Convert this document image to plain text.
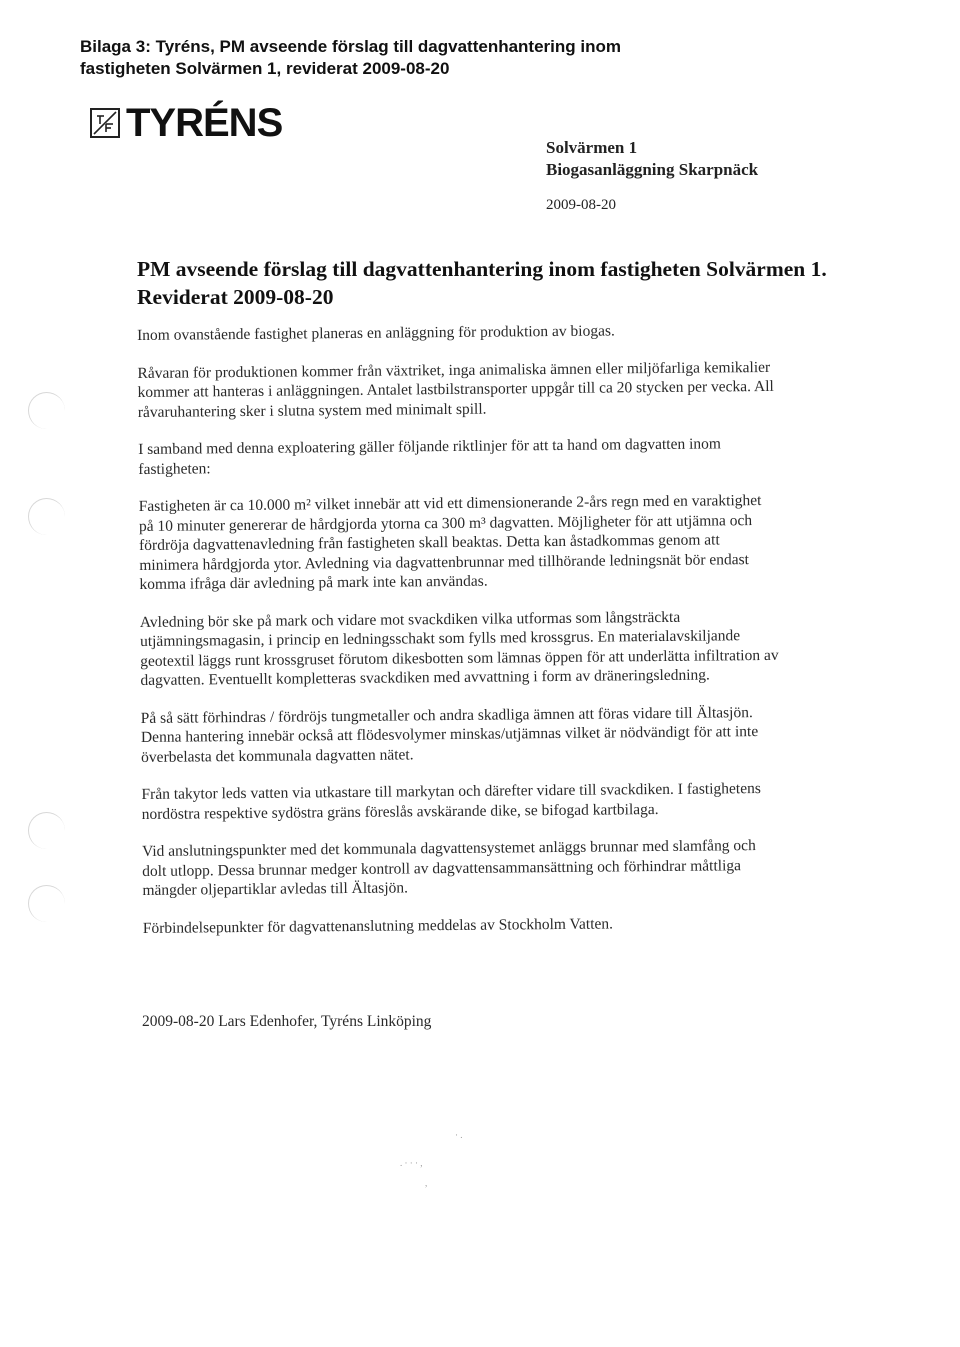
Bilaga 3: Tyréns, PM avseende förslag till dagvattenhantering inom
fastigheten Solvärmen 1, reviderat 2009-08-20
TYRÉNS
Solvärmen 1
Biogasanläggning Skarpnäck
2009-08-20
PM avseende förslag till dagvattenhantering inom fastigheten Solvärmen 1.
Reviderat 2009-08-20

Inom ovanstående fastighet planeras en anläggning för produktion av biogas.

Råvaran för produktionen kommer från växtriket, inga animaliska ämnen eller miljöfarliga kemikalier
kommer att hanteras i anläggningen. Antalet lastbilstransporter uppgår till ca 20 stycken per vecka. All
råvaruhantering sker i slutna system med minimalt spill.

I samband med denna exploatering gäller följande riktlinjer för att ta hand om dagvatten inom
fastigheten:

Fastigheten är ca 10.000 m² vilket innebär att vid ett dimensionerande 2-års regn med en varaktighet
på 10 minuter genererar de hårdgjorda ytorna ca 300 m³ dagvatten. Möjligheter för att utjämna och
fördröja dagvattenavledning från fastigheten skall beaktas. Detta kan åstadkommas genom att
minimera hårdgjorda ytor. Avledning via dagvattenbrunnar med tillhörande ledningsnät bör endast
komma ifråga där avledning på mark inte kan användas.

Avledning bör ske på mark och vidare mot svackdiken vilka utformas som långsträckta
utjämningsmagasin, i princip en ledningsschakt som fylls med krossgrus. En materialavskiljande
geotextil läggs runt krossgruset förutom dikesbotten som lämnas öppen för att underlätta infiltration av
dagvatten. Eventuellt kompletteras svackdiken med avvattning i form av dräneringsledning.

På så sätt förhindras / fördröjs tungmetaller och andra skadliga ämnen att föras vidare till Ältasjön.
Denna hantering innebär också att flödesvolymer minskas/utjämnas vilket är nödvändigt för att inte
överbelasta det kommunala dagvatten nätet.

Från takytor leds vatten via utkastare till markytan och därefter vidare till svackdiken. I fastighetens
nordöstra respektive sydöstra gräns föreslås avskärande dike, se bifogad kartbilaga.

Vid anslutningspunkter med det kommunala dagvattensystemet anläggs brunnar med slamfång och
dolt utlopp. Dessa brunnar medger kontroll av dagvattensammansättning och förhindrar måttliga
mängder oljepartiklar avledas till Ältasjön.

Förbindelsepunkter för dagvattenanslutning meddelas av Stockholm Vatten.

2009-08-20 Lars Edenhofer, Tyréns Linköping
· .
. · · · ,
,
